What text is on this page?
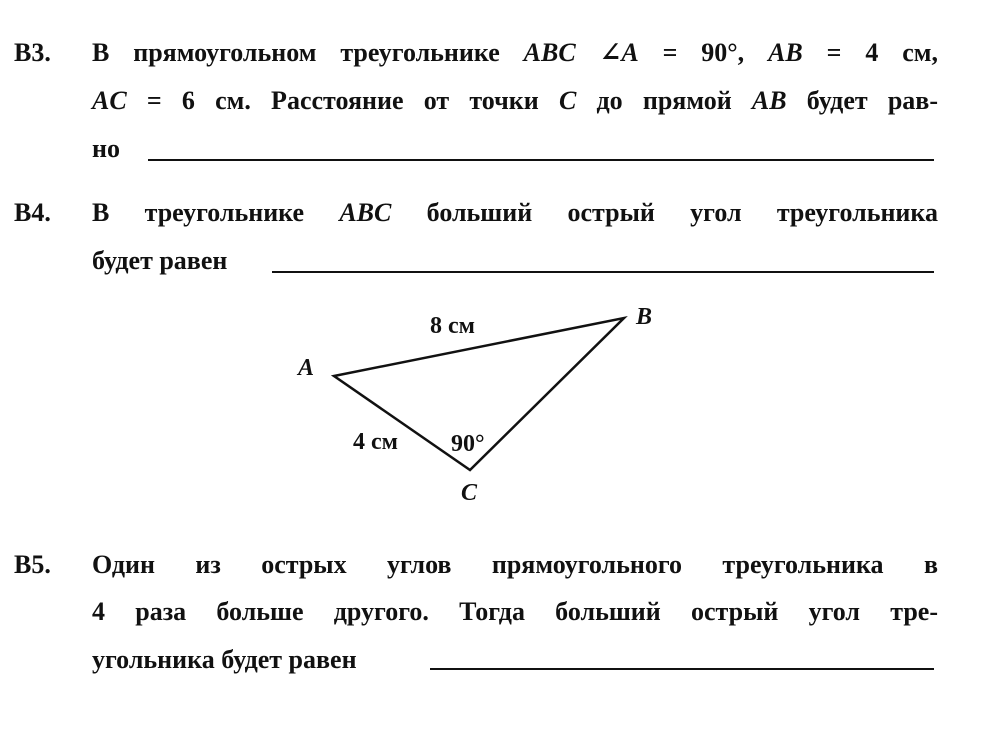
В3. В прямоугольном треугольнике ABC ∠A = 90°, AB = 4 см,
AC = 6 см. Расстояние от точки C до прямой AB будет рав-
но
В4. В треугольнике ABC больший острый угол треугольника
будет равен
A
B
C
8 см
4 см 90°
В5. Один из острых углов прямоугольного треугольника в
4 раза больше другого. Тогда больший острый угол тре-
угольника будет равен
